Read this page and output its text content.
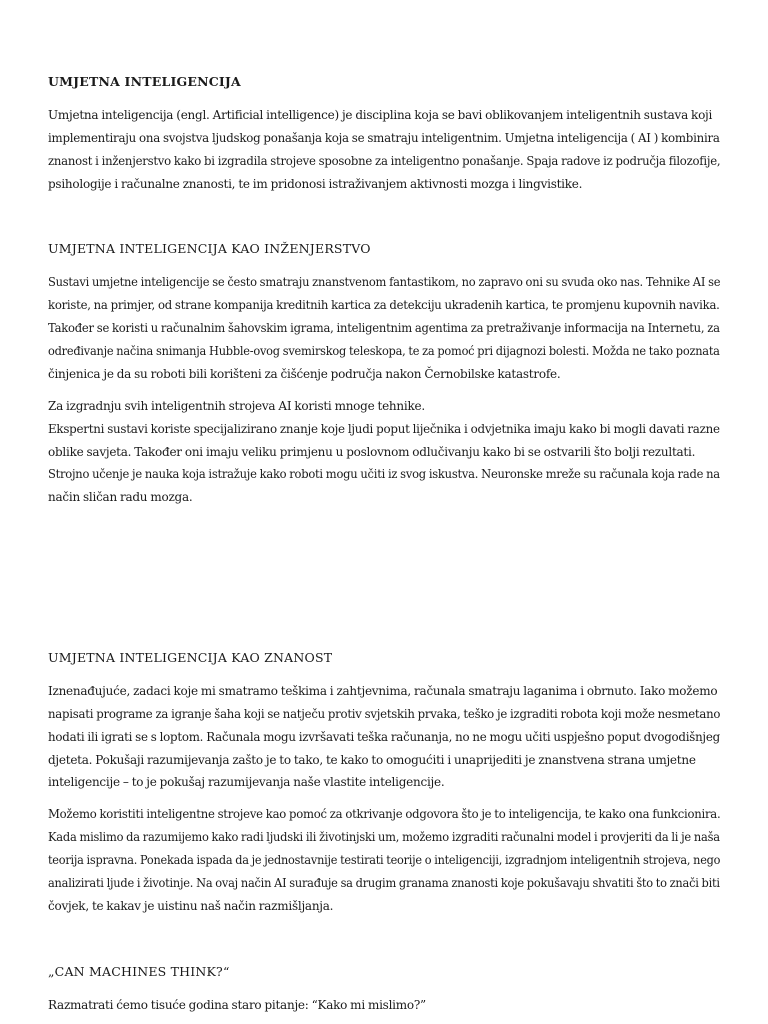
UMJETNA INTELIGENCIJA
Umjetna inteligencija (engl. Artificial intelligence) je disciplina koja se bavi oblikovanjem inteligentnih sustava koji
implementiraju ona svojstva ljudskog ponašanja koja se smatraju inteligentnim. Umjetna inteligencija ( AI ) kombinira
znanost i inženjerstvo kako bi izgradila strojeve sposobne za inteligentno ponašanje. Spaja radove iz područja filozofije,
psihologije i računalne znanosti, te im pridonosi istraživanjem aktivnosti mozga i lingvistike.
UMJETNA INTELIGENCIJA KAO INŽENJERSTVO
Sustavi umjetne inteligencije se često smatraju znanstvenom fantastikom, no zapravo oni su svuda oko nas. Tehnike AI se
koriste, na primjer, od strane kompanija kreditnih kartica za detekciju ukradenih kartica, te promjenu kupovnih navika.
Također se koristi u računalnim šahovskim igrama, inteligentnim agentima za pretraživanje informacija na Internetu, za
određivanje načina snimanja Hubble-ovog svemirskog teleskopa, te za pomoć pri dijagnozi bolesti. Možda ne tako poznata
činjenica je da su roboti bili korišteni za čišćenje područja nakon Černobilske katastrofe.
Za izgradnju svih inteligentnih strojeva AI koristi mnoge tehnike.
Ekspertni sustavi koriste specijalizirano znanje koje ljudi poput liječnika i odvjetnika imaju kako bi mogli davati razne
oblike savjeta. Također oni imaju veliku primjenu u poslovnom odlučivanju kako bi se ostvarili što bolji rezultati.
Strojno učenje je nauka koja istražuje kako roboti mogu učiti iz svog iskustva. Neuronske mreže su računala koja rade na
način sličan radu mozga.
UMJETNA INTELIGENCIJA KAO ZNANOST
Iznenađujuće, zadaci koje mi smatramo teškima i zahtjevnima, računala smatraju laganima i obrnuto. Iako možemo
napisati programe za igranje šaha koji se natječu protiv svjetskih prvaka, teško je izgraditi robota koji može nesmetano
hodati ili igrati se s loptom. Računala mogu izvršavati teška računanja, no ne mogu učiti uspješno poput dvogodišnjeg
djeteta. Pokušaji razumijevanja zašto je to tako, te kako to omogućiti i unaprijediti je znanstvena strana umjetne
inteligencije – to je pokušaj razumijevanja naše vlastite inteligencije.
Možemo koristiti inteligentne strojeve kao pomoć za otkrivanje odgovora što je to inteligencija, te kako ona funkcionira.
Kada mislimo da razumijemo kako radi ljudski ili životinjski um, možemo izgraditi računalni model i provjeriti da li je naša
teorija ispravna. Ponekada ispada da je jednostavnije testirati teorije o inteligenciji, izgradnjom inteligentnih strojeva, nego
analizirati ljude i životinje. Na ovaj način AI surađuje sa drugim granama znanosti koje pokušavaju shvatiti što to znači biti
čovjek, te kakav je uistinu naš način razmišljanja.
„CAN MACHINES THINK?“
Razmatrati ćemo tisuće godina staro pitanje: “Kako mi mislimo?”
